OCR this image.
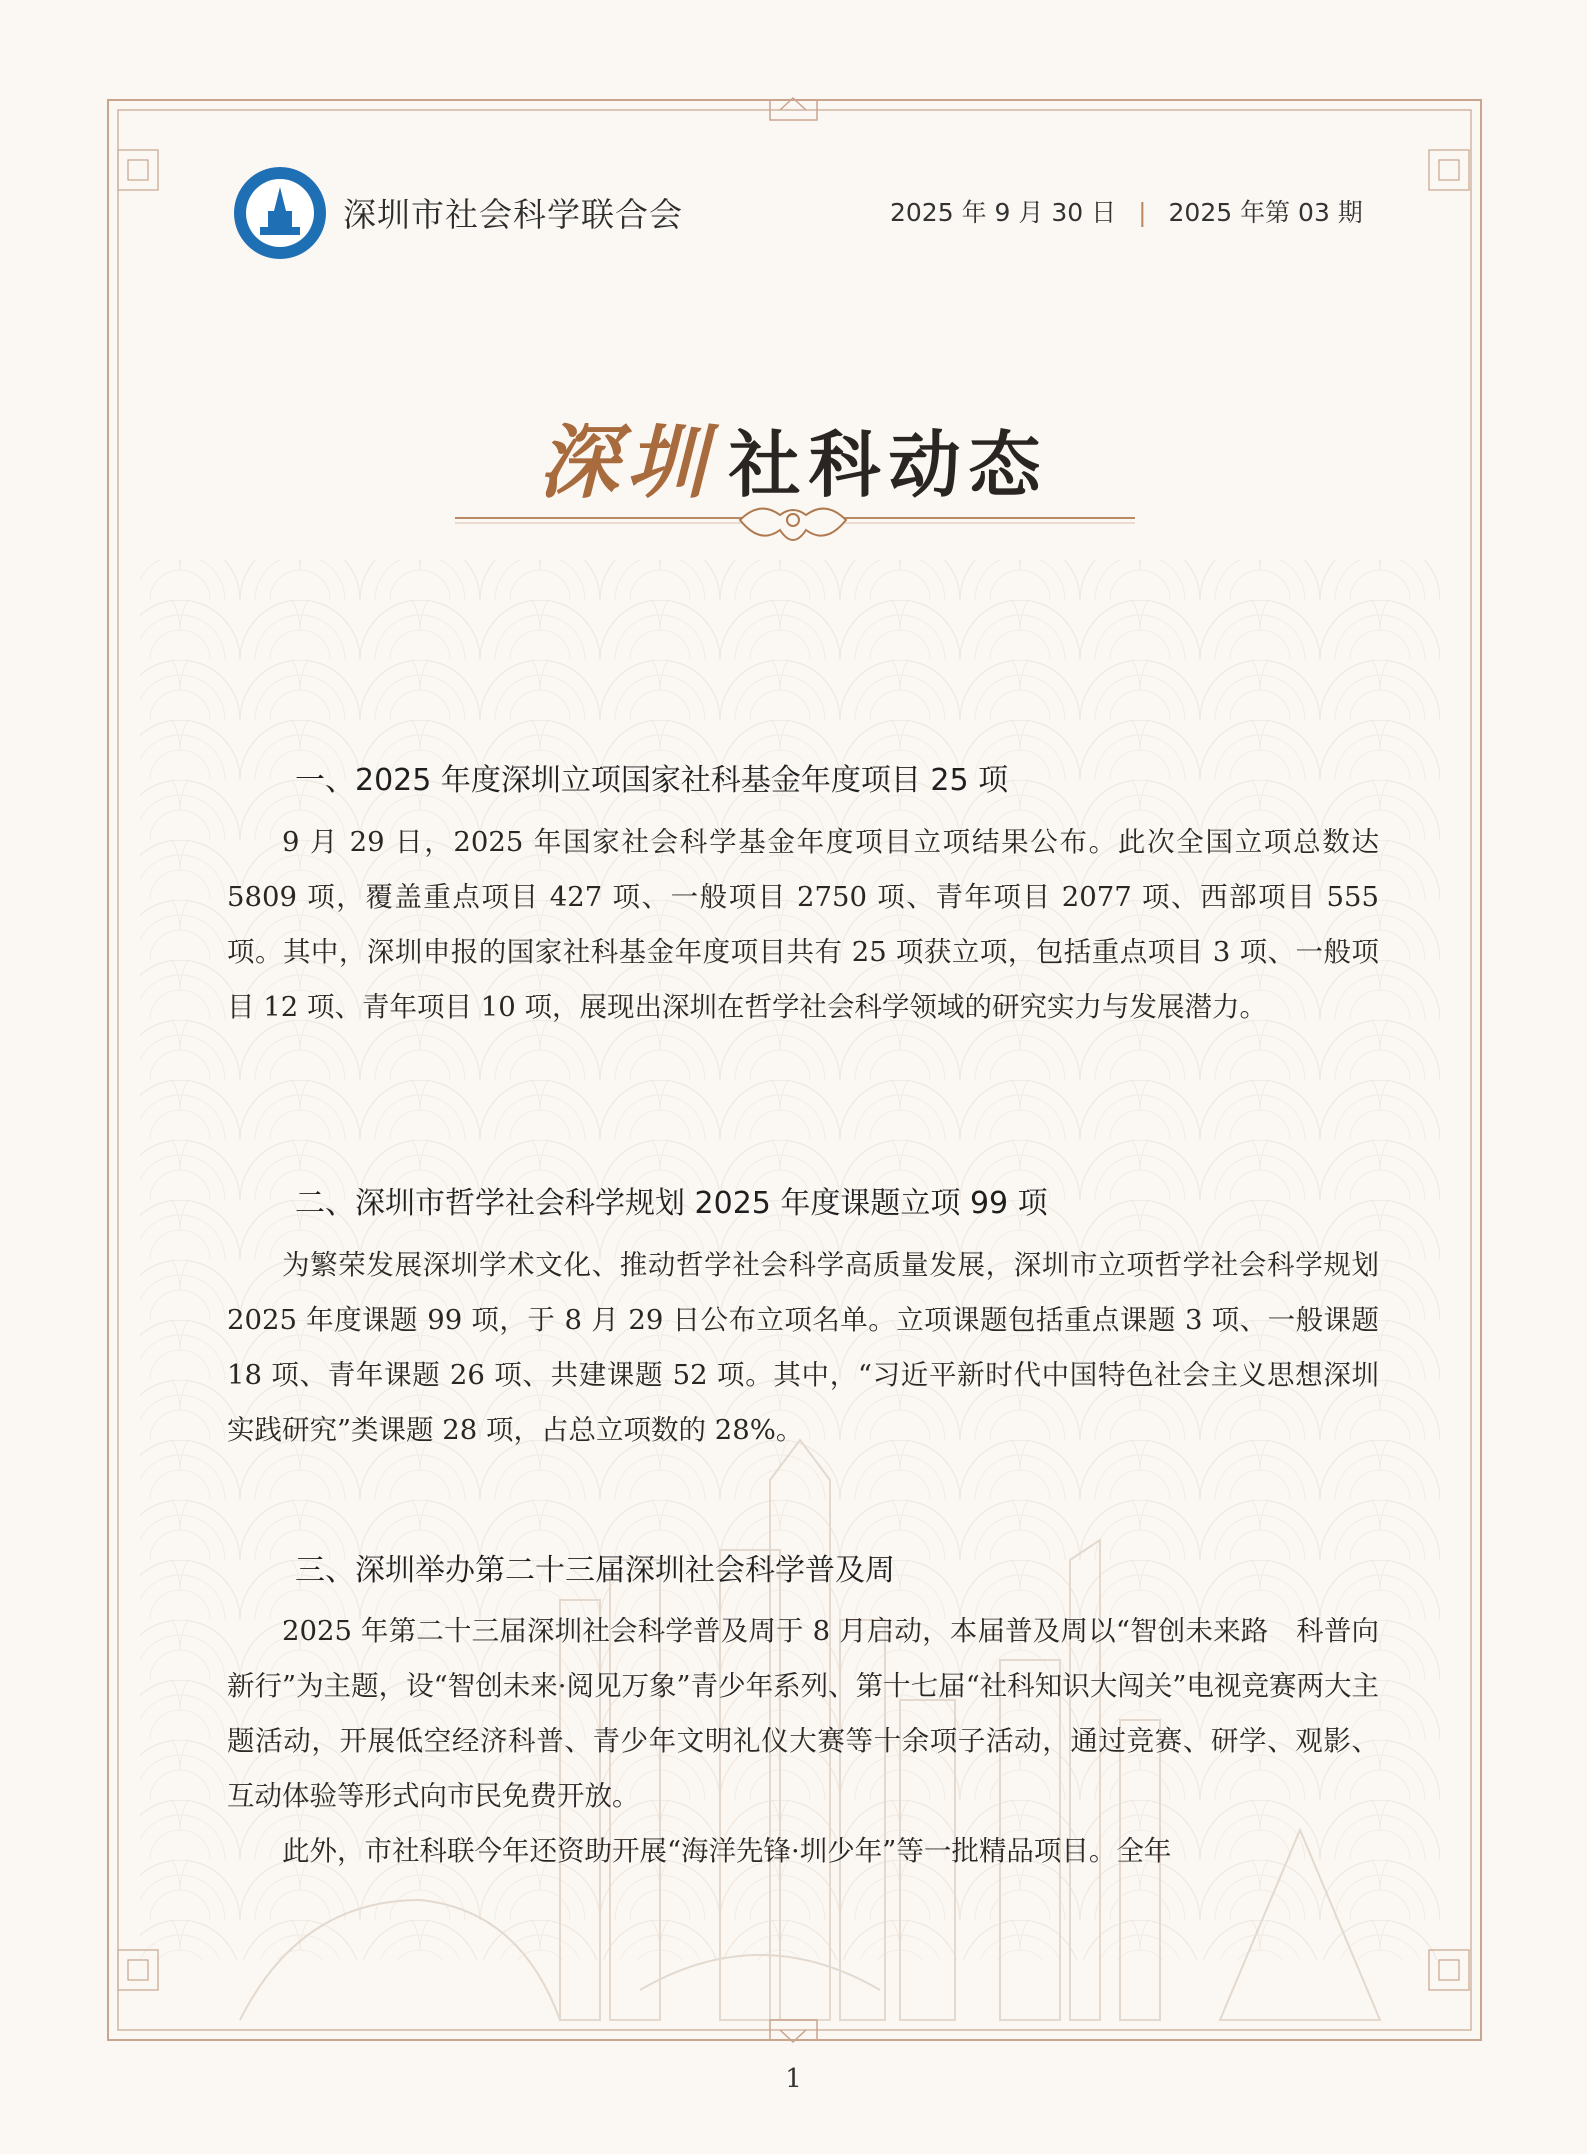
深圳市社会科学联合会	2025 年 9 月 30 日 | 2025 年第 03 期
深圳 社科动态
一、2025 年度深圳立项国家社科基金年度项目 25 项
9 月 29 日，2025 年国家社会科学基金年度项目立项结果公布。此次全国立项总数达 5809 项，覆盖重点项目 427 项、一般项目 2750 项、青年项目 2077 项、西部项目 555 项。其中，深圳申报的国家社科基金年度项目共有 25 项获立项，包括重点项目 3 项、一般项目 12 项、青年项目 10 项，展现出深圳在哲学社会科学领域的研究实力与发展潜力。
二、深圳市哲学社会科学规划 2025 年度课题立项 99 项
为繁荣发展深圳学术文化、推动哲学社会科学高质量发展，深圳市立项哲学社会科学规划 2025 年度课题 99 项，于 8 月 29 日公布立项名单。立项课题包括重点课题 3 项、一般课题 18 项、青年课题 26 项、共建课题 52 项。其中，“习近平新时代中国特色社会主义思想深圳实践研究”类课题 28 项，占总立项数的 28%。
三、深圳举办第二十三届深圳社会科学普及周
2025 年第二十三届深圳社会科学普及周于 8 月启动，本届普及周以“智创未来路　科普向新行”为主题，设“智创未来·阅见万象”青少年系列、第十七届“社科知识大闯关”电视竞赛两大主题活动，开展低空经济科普、青少年文明礼仪大赛等十余项子活动，通过竞赛、研学、观影、互动体验等形式向市民免费开放。
此外，市社科联今年还资助开展“海洋先锋·圳少年”等一批精品项目。全年
1
